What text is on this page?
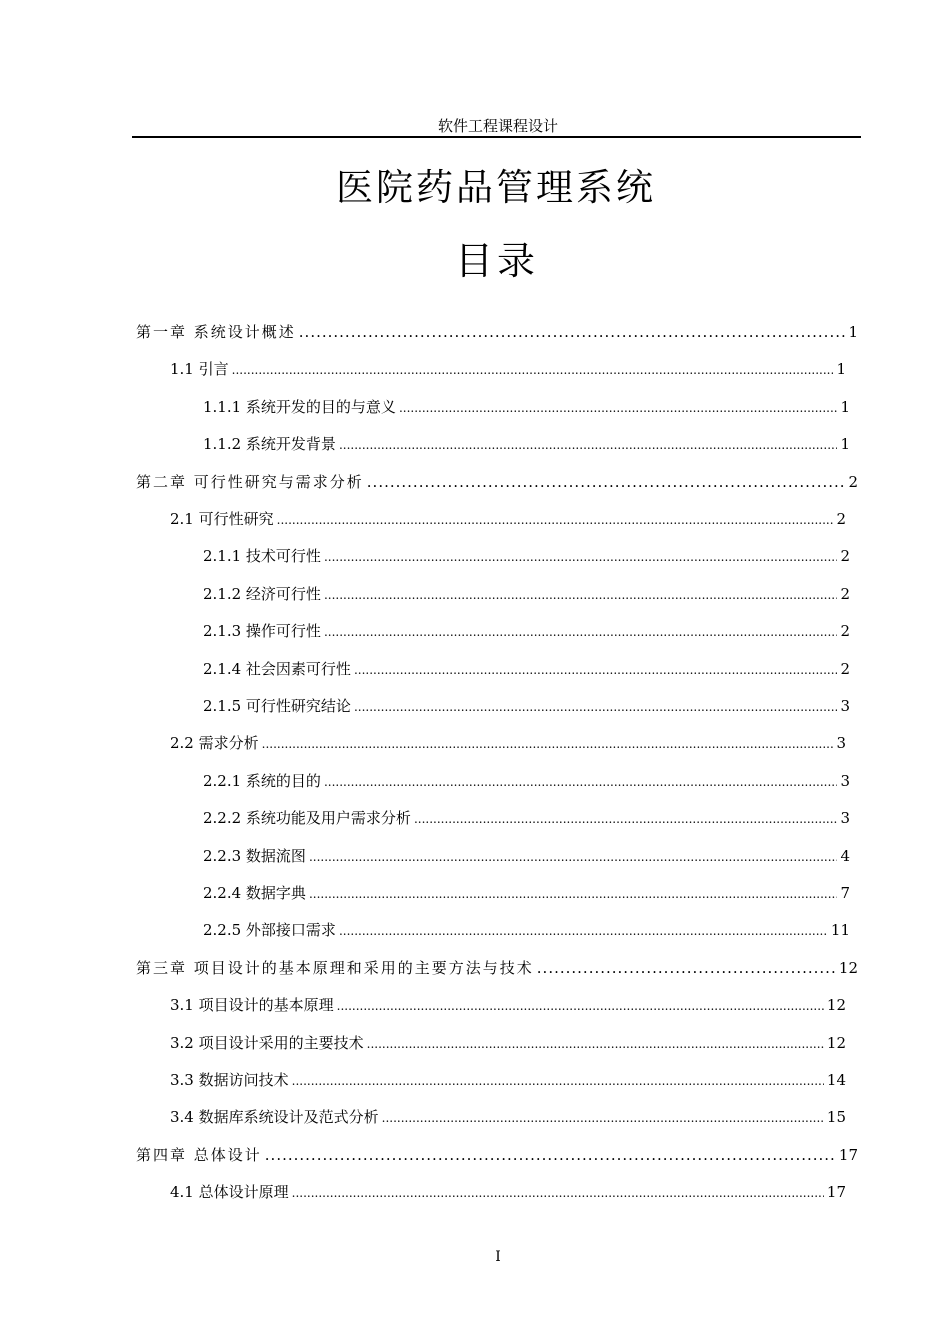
软件工程课程设计
医院药品管理系统
目录
第一章 系统设计概述 .....	1
1.1 引言 .....	1
1.1.1 系统开发的目的与意义 .....	1
1.1.2 系统开发背景 .....	1
第二章 可行性研究与需求分析 .....	2
2.1 可行性研究 .....	2
2.1.1 技术可行性 .....	2
2.1.2 经济可行性 .....	2
2.1.3 操作可行性 .....	2
2.1.4 社会因素可行性 .....	2
2.1.5 可行性研究结论 .....	3
2.2 需求分析 .....	3
2.2.1 系统的目的 .....	3
2.2.2 系统功能及用户需求分析 .....	3
2.2.3 数据流图 .....	4
2.2.4 数据字典 .....	7
2.2.5 外部接口需求 .....	11
第三章 项目设计的基本原理和采用的主要方法与技术 .....	12
3.1 项目设计的基本原理 .....	12
3.2 项目设计采用的主要技术 .....	12
3.3 数据访问技术 .....	14
3.4 数据库系统设计及范式分析 .....	15
第四章 总体设计 .....	17
4.1 总体设计原理 .....	17
I
